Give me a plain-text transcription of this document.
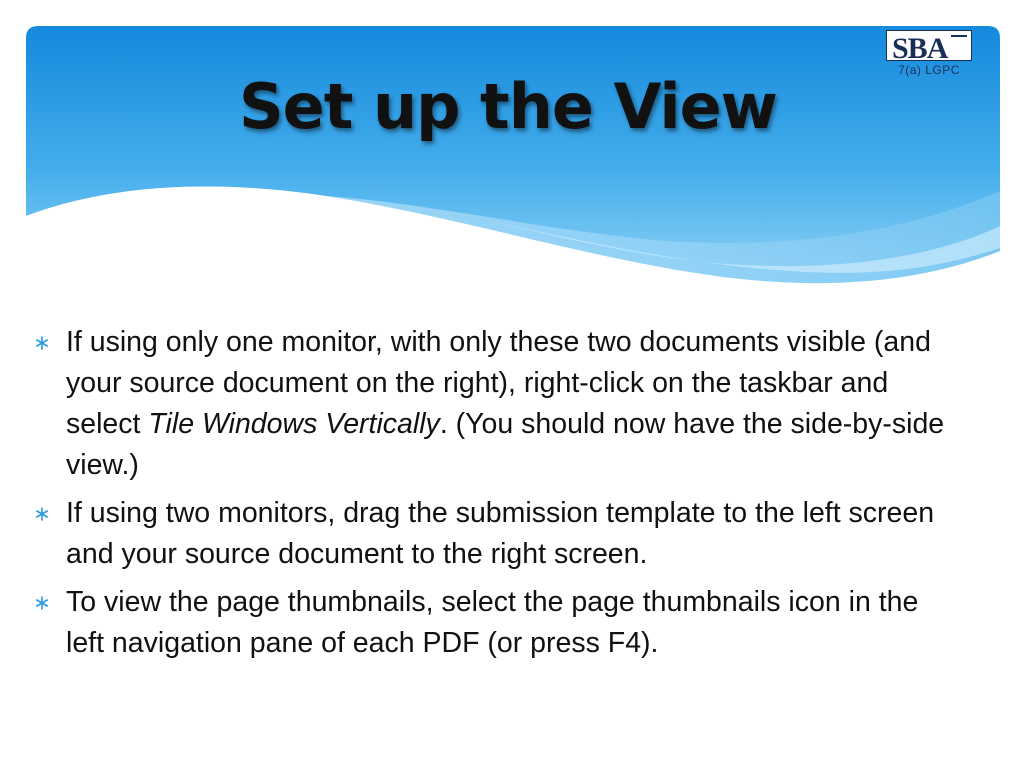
Set up the View
SBA
7(a) LGPC
If using only one monitor, with only these two documents visible (and your source document on the right), right-click on the taskbar and select Tile Windows Vertically. (You should now have the side-by-side view.)
If using two monitors, drag the submission template to the left screen and your source document to the right screen.
To view the page thumbnails, select the page thumbnails icon in the left navigation pane of each PDF (or press F4).
